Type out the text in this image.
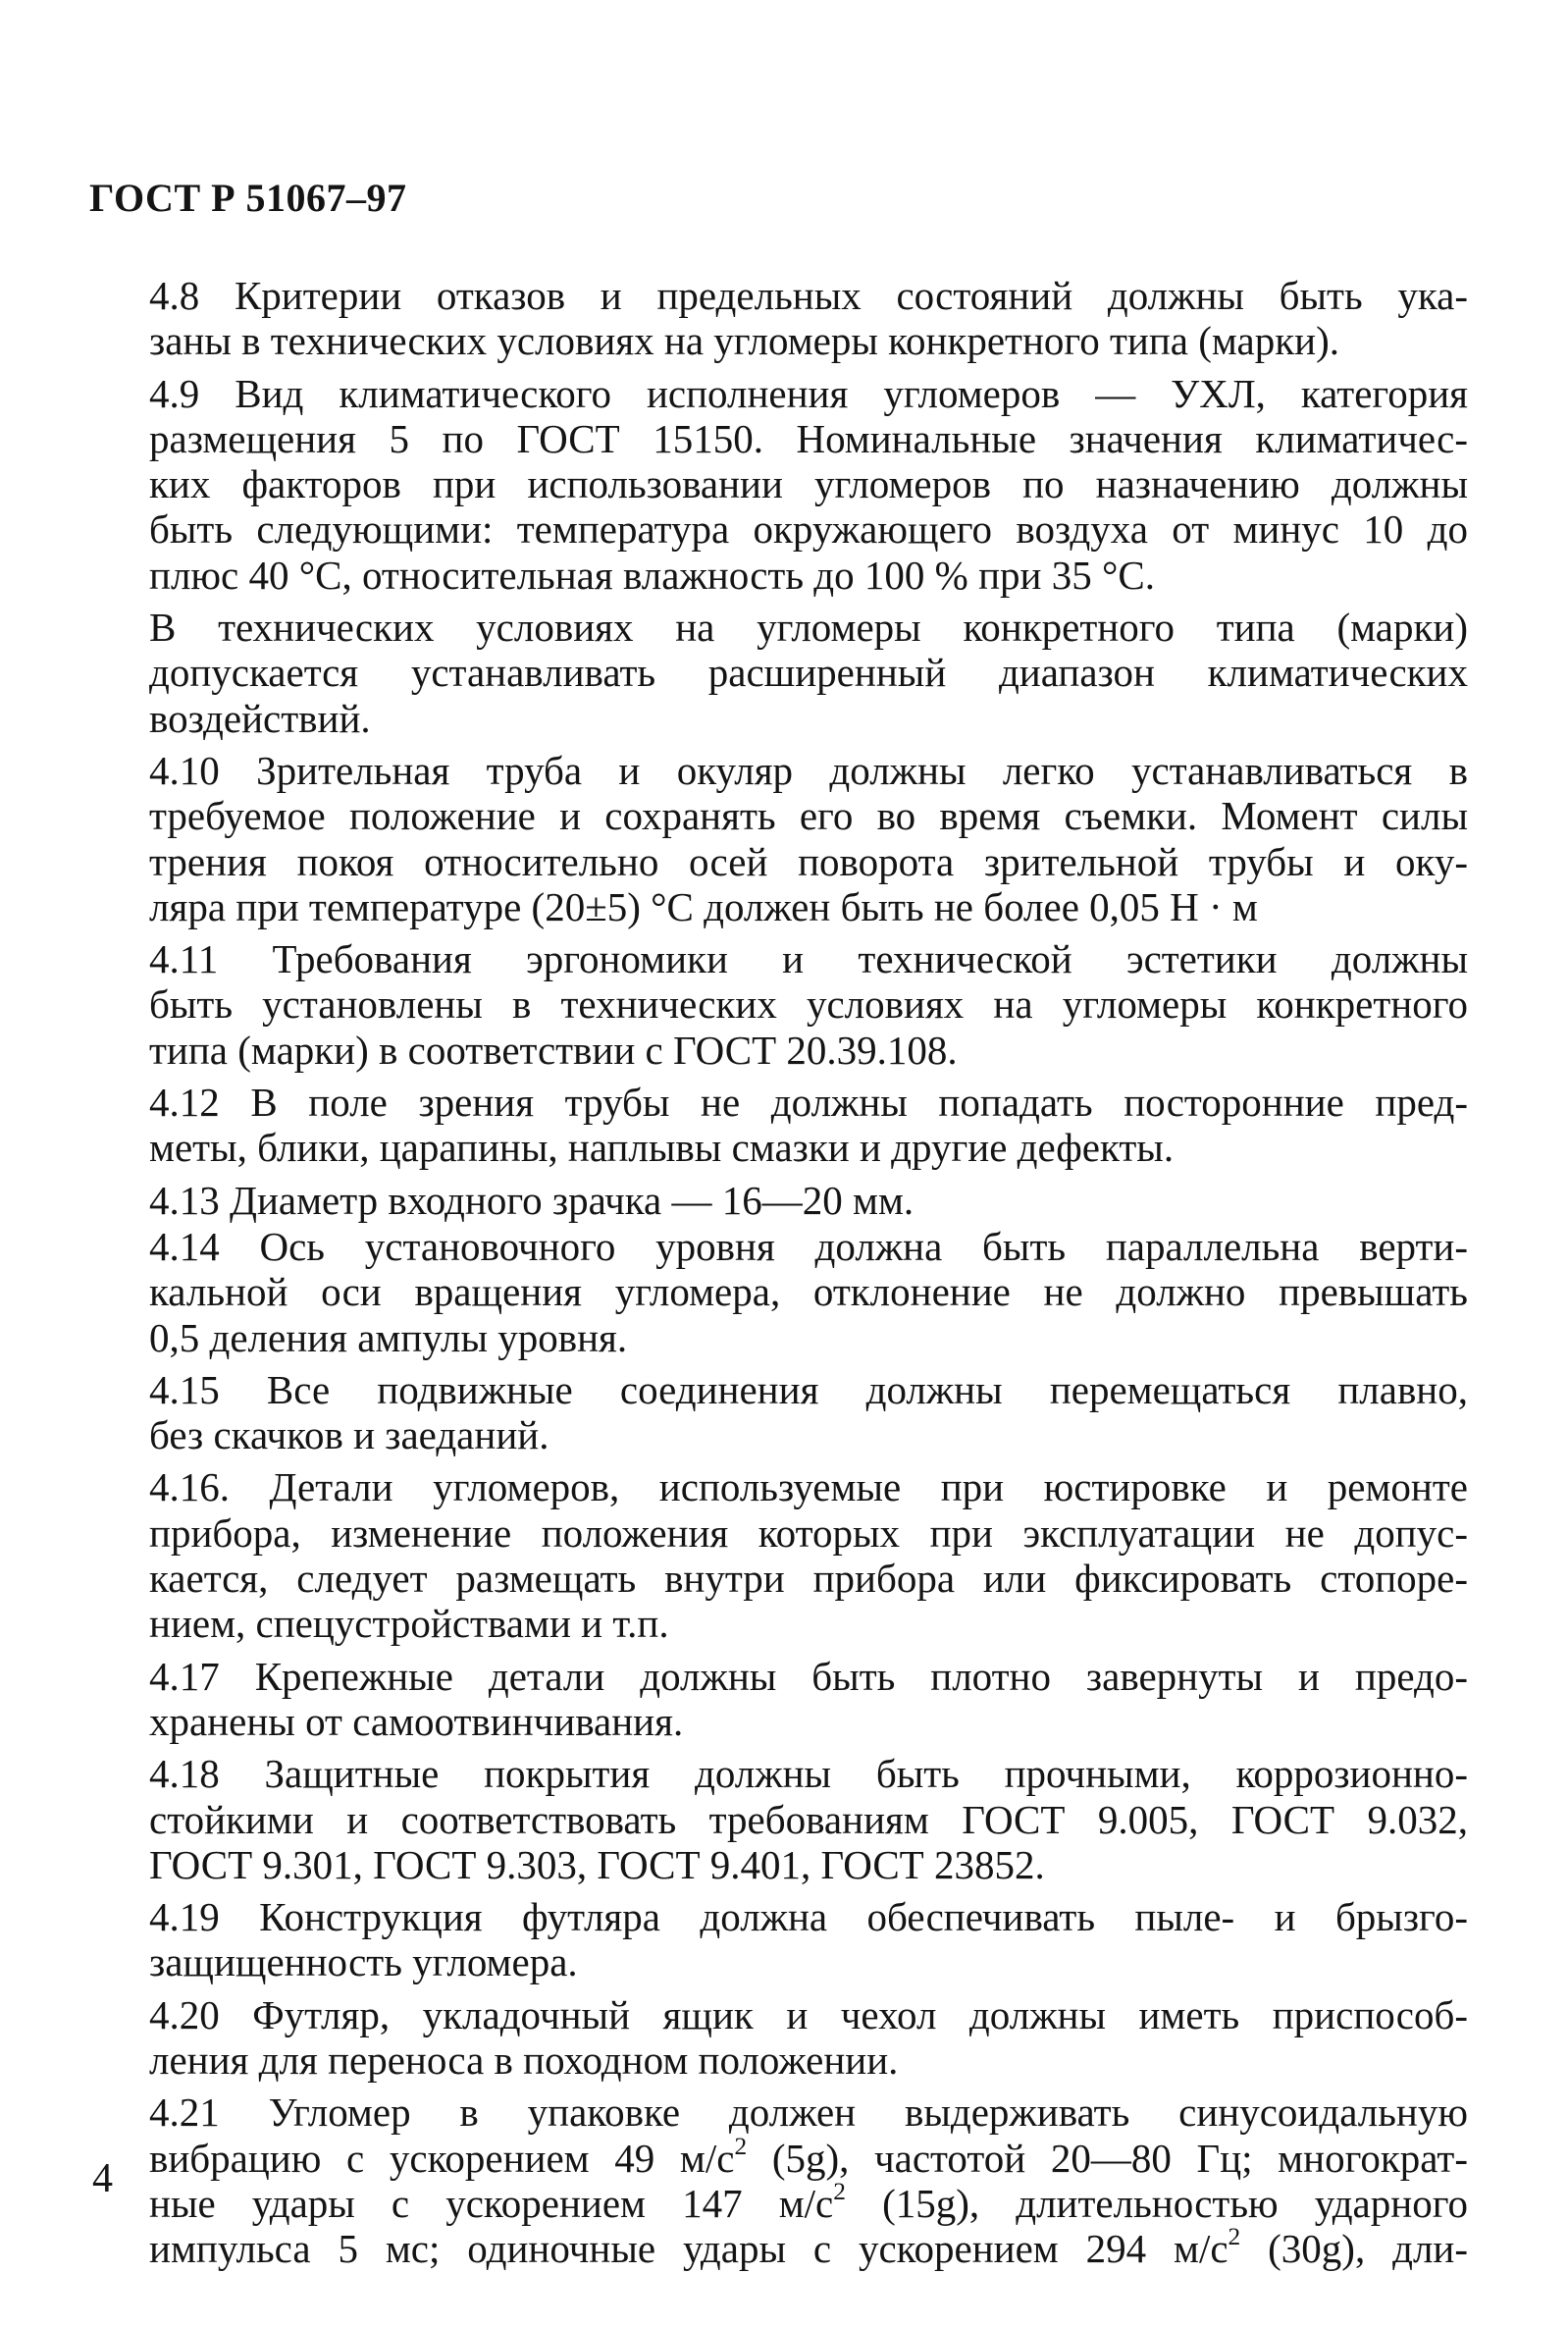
ГОСТ Р 51067–97
4.8 Критерии отказов и предельных состояний должны быть ука-
заны в технических условиях на угломеры конкретного типа (марки).
4.9 Вид климатического исполнения угломеров — УХЛ, категория
размещения 5 по ГОСТ 15150. Номинальные значения климатичес-
ких факторов при использовании угломеров по назначению должны
быть следующими: температура окружающего воздуха от минус 10 до
плюс 40 °С, относительная влажность до 100 % при 35 °С.
В технических условиях на угломеры конкретного типа (марки)
допускается устанавливать расширенный диапазон климатических
воздействий.
4.10 Зрительная труба и окуляр должны легко устанавливаться в
требуемое положение и сохранять его во время съемки. Момент силы
трения покоя относительно осей поворота зрительной трубы и оку-
ляра при температуре (20±5) °С должен быть не более 0,05 Н · м
4.11 Требования эргономики и технической эстетики должны
быть установлены в технических условиях на угломеры конкретного
типа (марки) в соответствии с ГОСТ 20.39.108.
4.12 В поле зрения трубы не должны попадать посторонние пред-
меты, блики, царапины, наплывы смазки и другие дефекты.
4.13 Диаметр входного зрачка — 16—20 мм.
4.14 Ось установочного уровня должна быть параллельна верти-
кальной оси вращения угломера, отклонение не должно превышать
0,5 деления ампулы уровня.
4.15 Все подвижные соединения должны перемещаться плавно,
без скачков и заеданий.
4.16. Детали угломеров, используемые при юстировке и ремонте
прибора, изменение положения которых при эксплуатации не допус-
кается, следует размещать внутри прибора или фиксировать стопоре-
нием, спецустройствами и т.п.
4.17 Крепежные детали должны быть плотно завернуты и предо-
хранены от самоотвинчивания.
4.18 Защитные покрытия должны быть прочными, коррозионно-
стойкими и соответствовать требованиям ГОСТ 9.005, ГОСТ 9.032,
ГОСТ 9.301, ГОСТ 9.303, ГОСТ 9.401, ГОСТ 23852.
4.19 Конструкция футляра должна обеспечивать пыле- и брызго-
защищенность угломера.
4.20 Футляр, укладочный ящик и чехол должны иметь приспособ-
ления для переноса в походном положении.
4.21 Угломер в упаковке должен выдерживать синусоидальную
вибрацию с ускорением 49 $м/с^2$ (5g), частотой 20—80 Гц; многократ-
ные удары с ускорением 147 $м/с^2$ (15g), длительностью ударного
импульса 5 мс; одиночные удары с ускорением 294 $м/с^2$ (30g), дли-
4
